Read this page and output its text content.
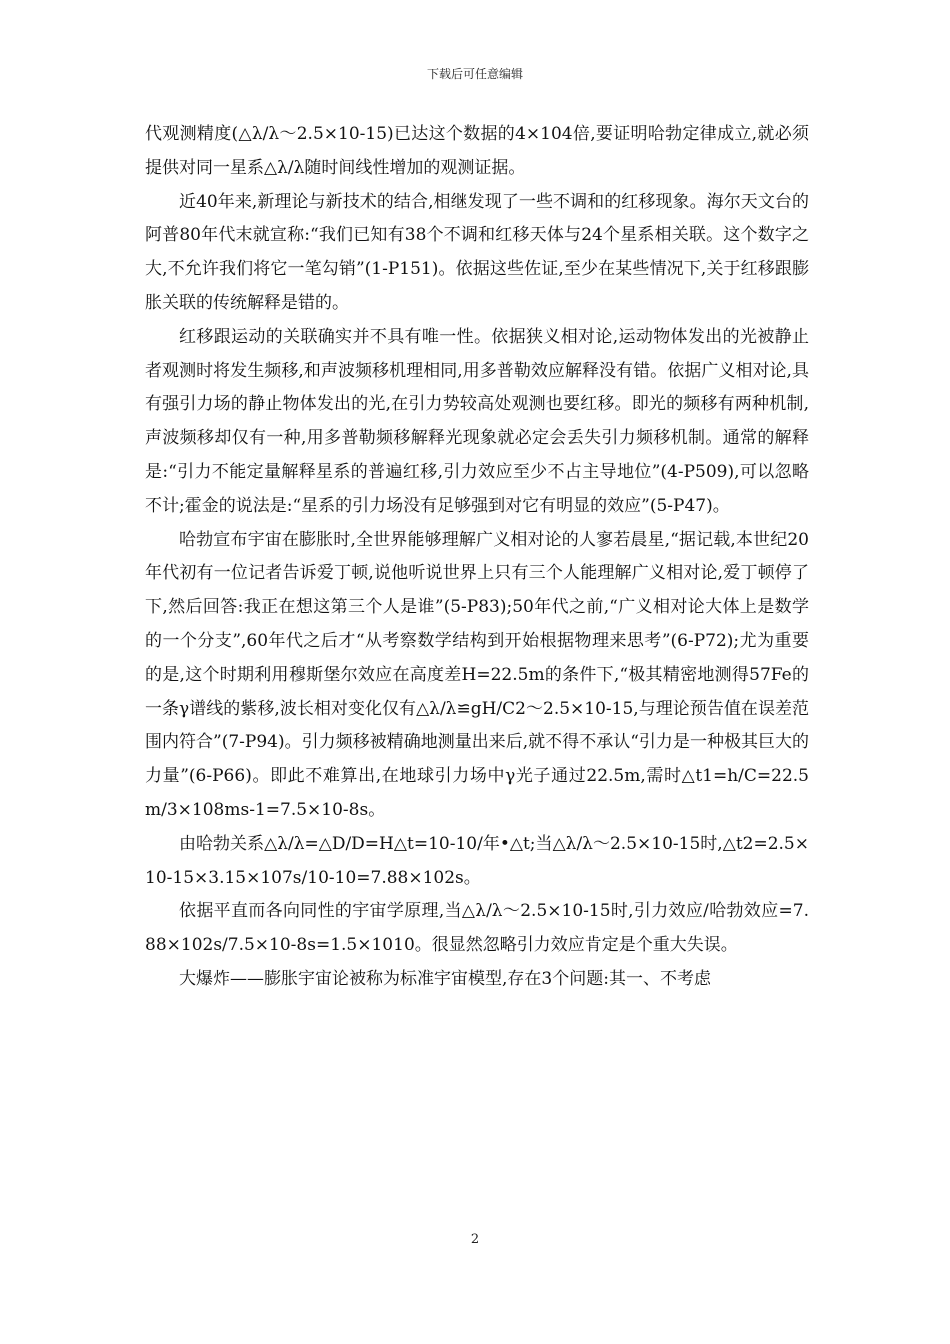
下载后可任意编辑

代观测精度(△λ/λ～2.5×10-15)已达这个数据的4×104倍,要证明哈勃定律成立,就必须提供对同一星系△λ/λ随时间线性增加的观测证据。

近40年来,新理论与新技术的结合,相继发现了一些不调和的红移现象。海尔天文台的阿普80年代末就宣称:“我们已知有38个不调和红移天体与24个星系相关联。这个数字之大,不允许我们将它一笔勾销”(1-P151)。依据这些佐证,至少在某些情况下,关于红移跟膨胀关联的传统解释是错的。

红移跟运动的关联确实并不具有唯一性。依据狭义相对论,运动物体发出的光被静止者观测时将发生频移,和声波频移机理相同,用多普勒效应解释没有错。依据广义相对论,具有强引力场的静止物体发出的光,在引力势较高处观测也要红移。即光的频移有两种机制,声波频移却仅有一种,用多普勒频移解释光现象就必定会丢失引力频移机制。通常的解释是:“引力不能定量解释星系的普遍红移,引力效应至少不占主导地位”(4-P509),可以忽略不计;霍金的说法是:“星系的引力场没有足够强到对它有明显的效应”(5-P47)。

哈勃宣布宇宙在膨胀时,全世界能够理解广义相对论的人寥若晨星,“据记载,本世纪20年代初有一位记者告诉爱丁顿,说他听说世界上只有三个人能理解广义相对论,爱丁顿停了下,然后回答:我正在想这第三个人是谁”(5-P83);50年代之前,“广义相对论大体上是数学的一个分支”,60年代之后才“从考察数学结构到开始根据物理来思考”(6-P72);尤为重要的是,这个时期利用穆斯堡尔效应在高度差H=22.5m的条件下,“极其精密地测得57Fe的一条γ谱线的紫移,波长相对变化仅有△λ/λ≌gH/C2～2.5×10-15,与理论预告值在误差范围内符合”(7-P94)。引力频移被精确地测量出来后,就不得不承认“引力是一种极其巨大的力量”(6-P66)。即此不难算出,在地球引力场中γ光子通过22.5m,需时△t1=h/C=22.5m/3×108ms-1=7.5×10-8s。

由哈勃关系△λ/λ=△D/D=H△t=10-10/年•△t;当△λ/λ～2.5×10-15时,△t2=2.5×10-15×3.15×107s/10-10=7.88×102s。

依据平直而各向同性的宇宙学原理,当△λ/λ～2.5×10-15时,引力效应/哈勃效应=7.88×102s/7.5×10-8s=1.5×1010。很显然忽略引力效应肯定是个重大失误。

大爆炸——膨胀宇宙论被称为标准宇宙模型,存在3个问题:其一、不考虑

2
